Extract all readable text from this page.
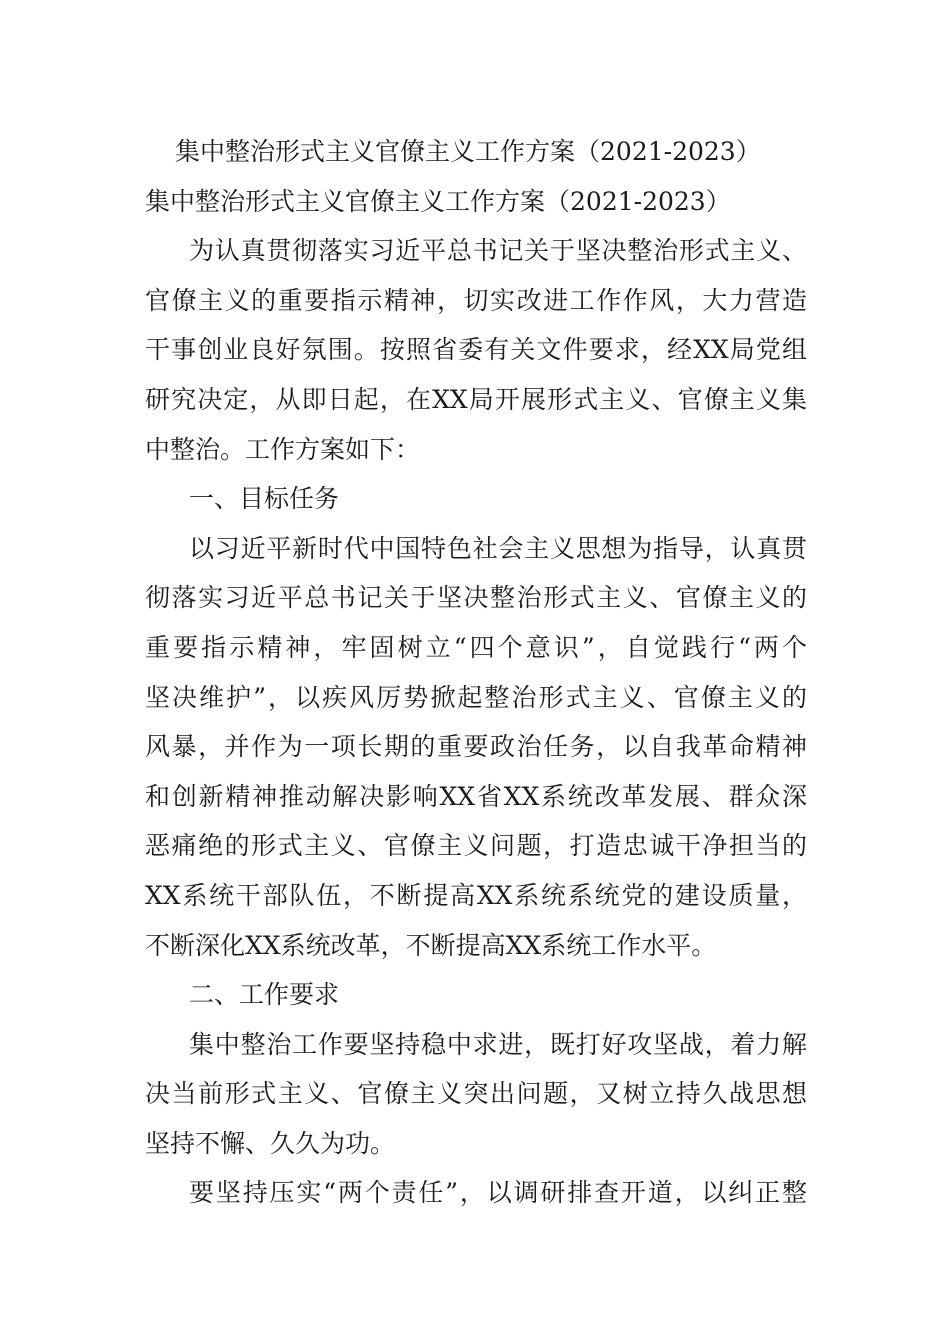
集中整治形式主义官僚主义工作方案（2021-2023）
集中整治形式主义官僚主义工作方案（2021-2023）
为认真贯彻落实习近平总书记关于坚决整治形式主义、
官僚主义的重要指示精神，切实改进工作作风，大力营造
干事创业良好氛围。按照省委有关文件要求，经XX局党组
研究决定，从即日起，在XX局开展形式主义、官僚主义集
中整治。工作方案如下：
一、目标任务
以习近平新时代中国特色社会主义思想为指导，认真贯
彻落实习近平总书记关于坚决整治形式主义、官僚主义的
重要指示精神，牢固树立“四个意识”，自觉践行“两个
坚决维护”，以疾风厉势掀起整治形式主义、官僚主义的
风暴，并作为一项长期的重要政治任务，以自我革命精神
和创新精神推动解决影响XX省XX系统改革发展、群众深
恶痛绝的形式主义、官僚主义问题，打造忠诚干净担当的
XX系统干部队伍，不断提高XX系统系统党的建设质量，
不断深化XX系统改革，不断提高XX系统工作水平。
二、工作要求
集中整治工作要坚持稳中求进，既打好攻坚战，着力解
决当前形式主义、官僚主义突出问题，又树立持久战思想
坚持不懈、久久为功。
要坚持压实“两个责任”，以调研排查开道，以纠正整
